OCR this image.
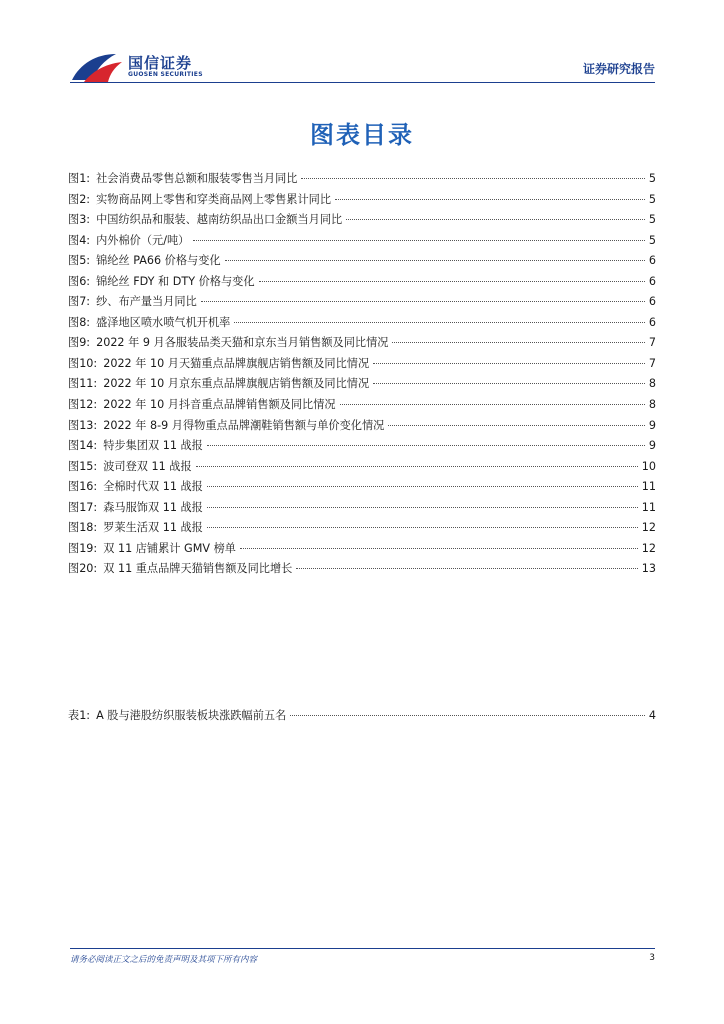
国信证券
GUOSEN SECURITIES	证券研究报告
图表目录
图1: 社会消费品零售总额和服装零售当月同比	5
图2: 实物商品网上零售和穿类商品网上零售累计同比	5
图3: 中国纺织品和服装、越南纺织品出口金额当月同比	5
图4: 内外棉价（元/吨）	5
图5: 锦纶丝 PA66 价格与变化	6
图6: 锦纶丝 FDY 和 DTY 价格与变化	6
图7: 纱、布产量当月同比	6
图8: 盛泽地区喷水喷气机开机率	6
图9: 2022 年 9 月各服装品类天猫和京东当月销售额及同比情况	7
图10: 2022 年 10 月天猫重点品牌旗舰店销售额及同比情况	7
图11: 2022 年 10 月京东重点品牌旗舰店销售额及同比情况	8
图12: 2022 年 10 月抖音重点品牌销售额及同比情况	8
图13: 2022 年 8-9 月得物重点品牌潮鞋销售额与单价变化情况	9
图14: 特步集团双 11 战报	9
图15: 波司登双 11 战报	10
图16: 全棉时代双 11 战报	11
图17: 森马服饰双 11 战报	11
图18: 罗莱生活双 11 战报	12
图19: 双 11 店铺累计 GMV 榜单	12
图20: 双 11 重点品牌天猫销售额及同比增长	13
表1: A 股与港股纺织服装板块涨跌幅前五名	4
请务必阅读正文之后的免责声明及其项下所有内容	3
